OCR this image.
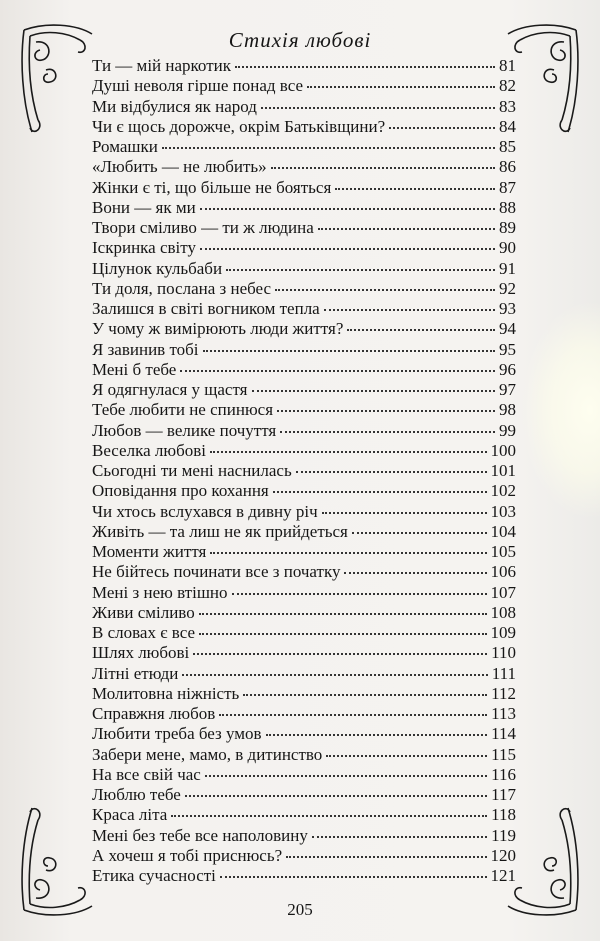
Стихія любові
Ти — мій наркотик	81
Душі неволя гірше понад все	82
Ми відбулися як народ	83
Чи є щось дорожче, окрім Батьківщини?	84
Ромашки	85
«Любить — не любить»	86
Жінки є ті, що більше не бояться	87
Вони — як ми	88
Твори сміливо — ти ж людина	89
Іскринка світу	90
Цілунок кульбаби	91
Ти доля, послана з небес	92
Залишся в світі вогником тепла	93
У чому ж вимірюють люди життя?	94
Я завинив тобі	95
Мені б тебе	96
Я одягнулася у щастя	97
Тебе любити не спинюся	98
Любов — велике почуття	99
Веселка любові	100
Сьогодні ти мені наснилась	101
Оповідання про кохання	102
Чи хтось вслухався в дивну річ	103
Живіть — та лиш не як прийдеться	104
Моменти життя	105
Не бійтесь починати все з початку	106
Мені з нею втішно	107
Живи сміливо	108
В словах є все	109
Шлях любові	110
Літні етюди	111
Молитовна ніжність	112
Справжня любов	113
Любити треба без умов	114
Забери мене, мамо, в дитинство	115
На все свій час	116
Люблю тебе	117
Краса літа	118
Мені без тебе все наполовину	119
А хочеш я тобі приснюсь?	120
Етика сучасності	121
205
